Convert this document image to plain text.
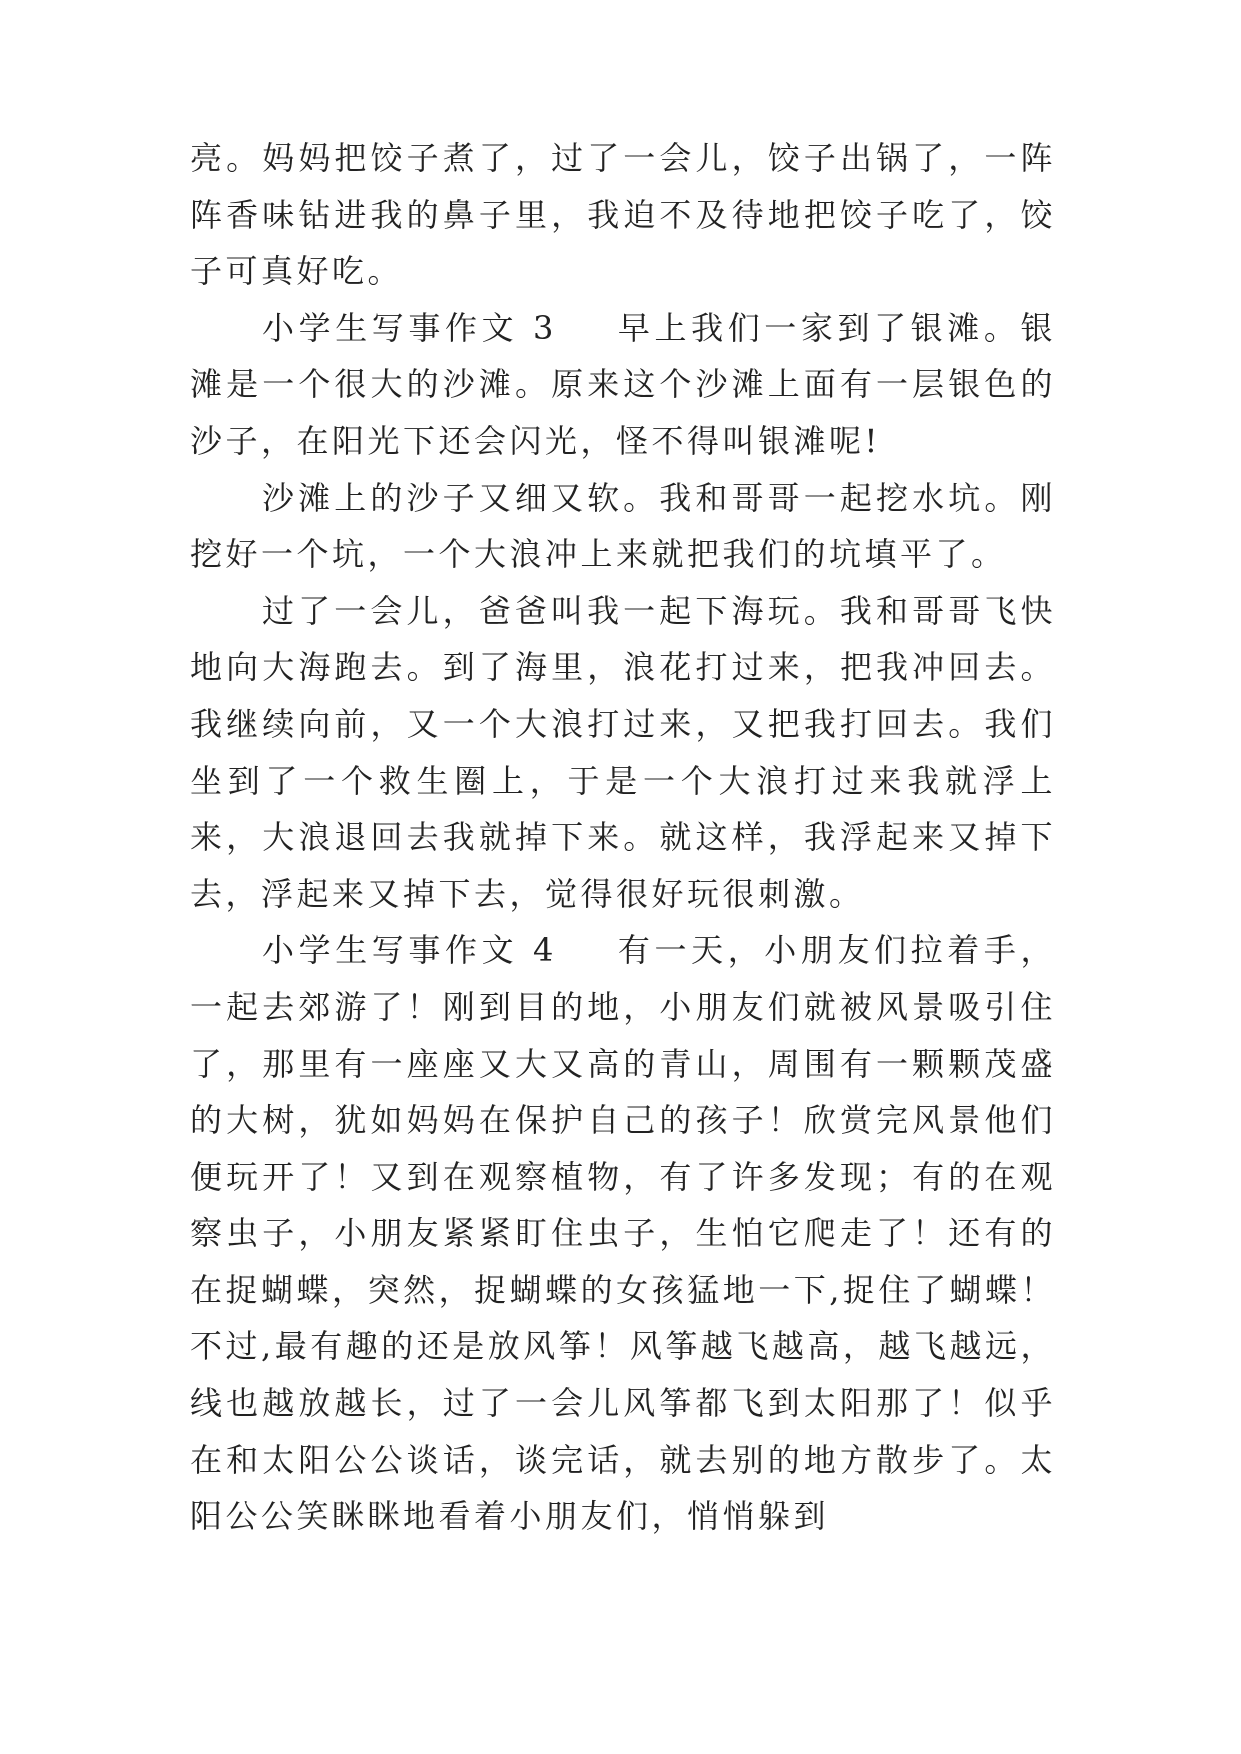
亮。妈妈把饺子煮了，过了一会儿，饺子出锅了，一阵阵香味钻进我的鼻子里，我迫不及待地把饺子吃了，饺子可真好吃。

小学生写事作文 3 早上我们一家到了银滩。银滩是一个很大的沙滩。原来这个沙滩上面有一层银色的沙子，在阳光下还会闪光，怪不得叫银滩呢!

沙滩上的沙子又细又软。我和哥哥一起挖水坑。刚挖好一个坑，一个大浪冲上来就把我们的坑填平了。

过了一会儿，爸爸叫我一起下海玩。我和哥哥飞快地向大海跑去。到了海里，浪花打过来，把我冲回去。我继续向前，又一个大浪打过来，又把我打回去。我们坐到了一个救生圈上，于是一个大浪打过来我就浮上来，大浪退回去我就掉下来。就这样，我浮起来又掉下去，浮起来又掉下去，觉得很好玩很刺激。

小学生写事作文 4 有一天，小朋友们拉着手，一起去郊游了！刚到目的地，小朋友们就被风景吸引住了，那里有一座座又大又高的青山，周围有一颗颗茂盛的大树，犹如妈妈在保护自己的孩子！欣赏完风景他们便玩开了！又到在观察植物，有了许多发现；有的在观察虫子，小朋友紧紧盯住虫子，生怕它爬走了！还有的在捉蝴蝶，突然，捉蝴蝶的女孩猛地一下,捉住了蝴蝶！不过,最有趣的还是放风筝！风筝越飞越高，越飞越远，线也越放越长，过了一会儿风筝都飞到太阳那了！似乎在和太阳公公谈话，谈完话，就去别的地方散步了。太阳公公笑眯眯地看着小朋友们，悄悄躲到
